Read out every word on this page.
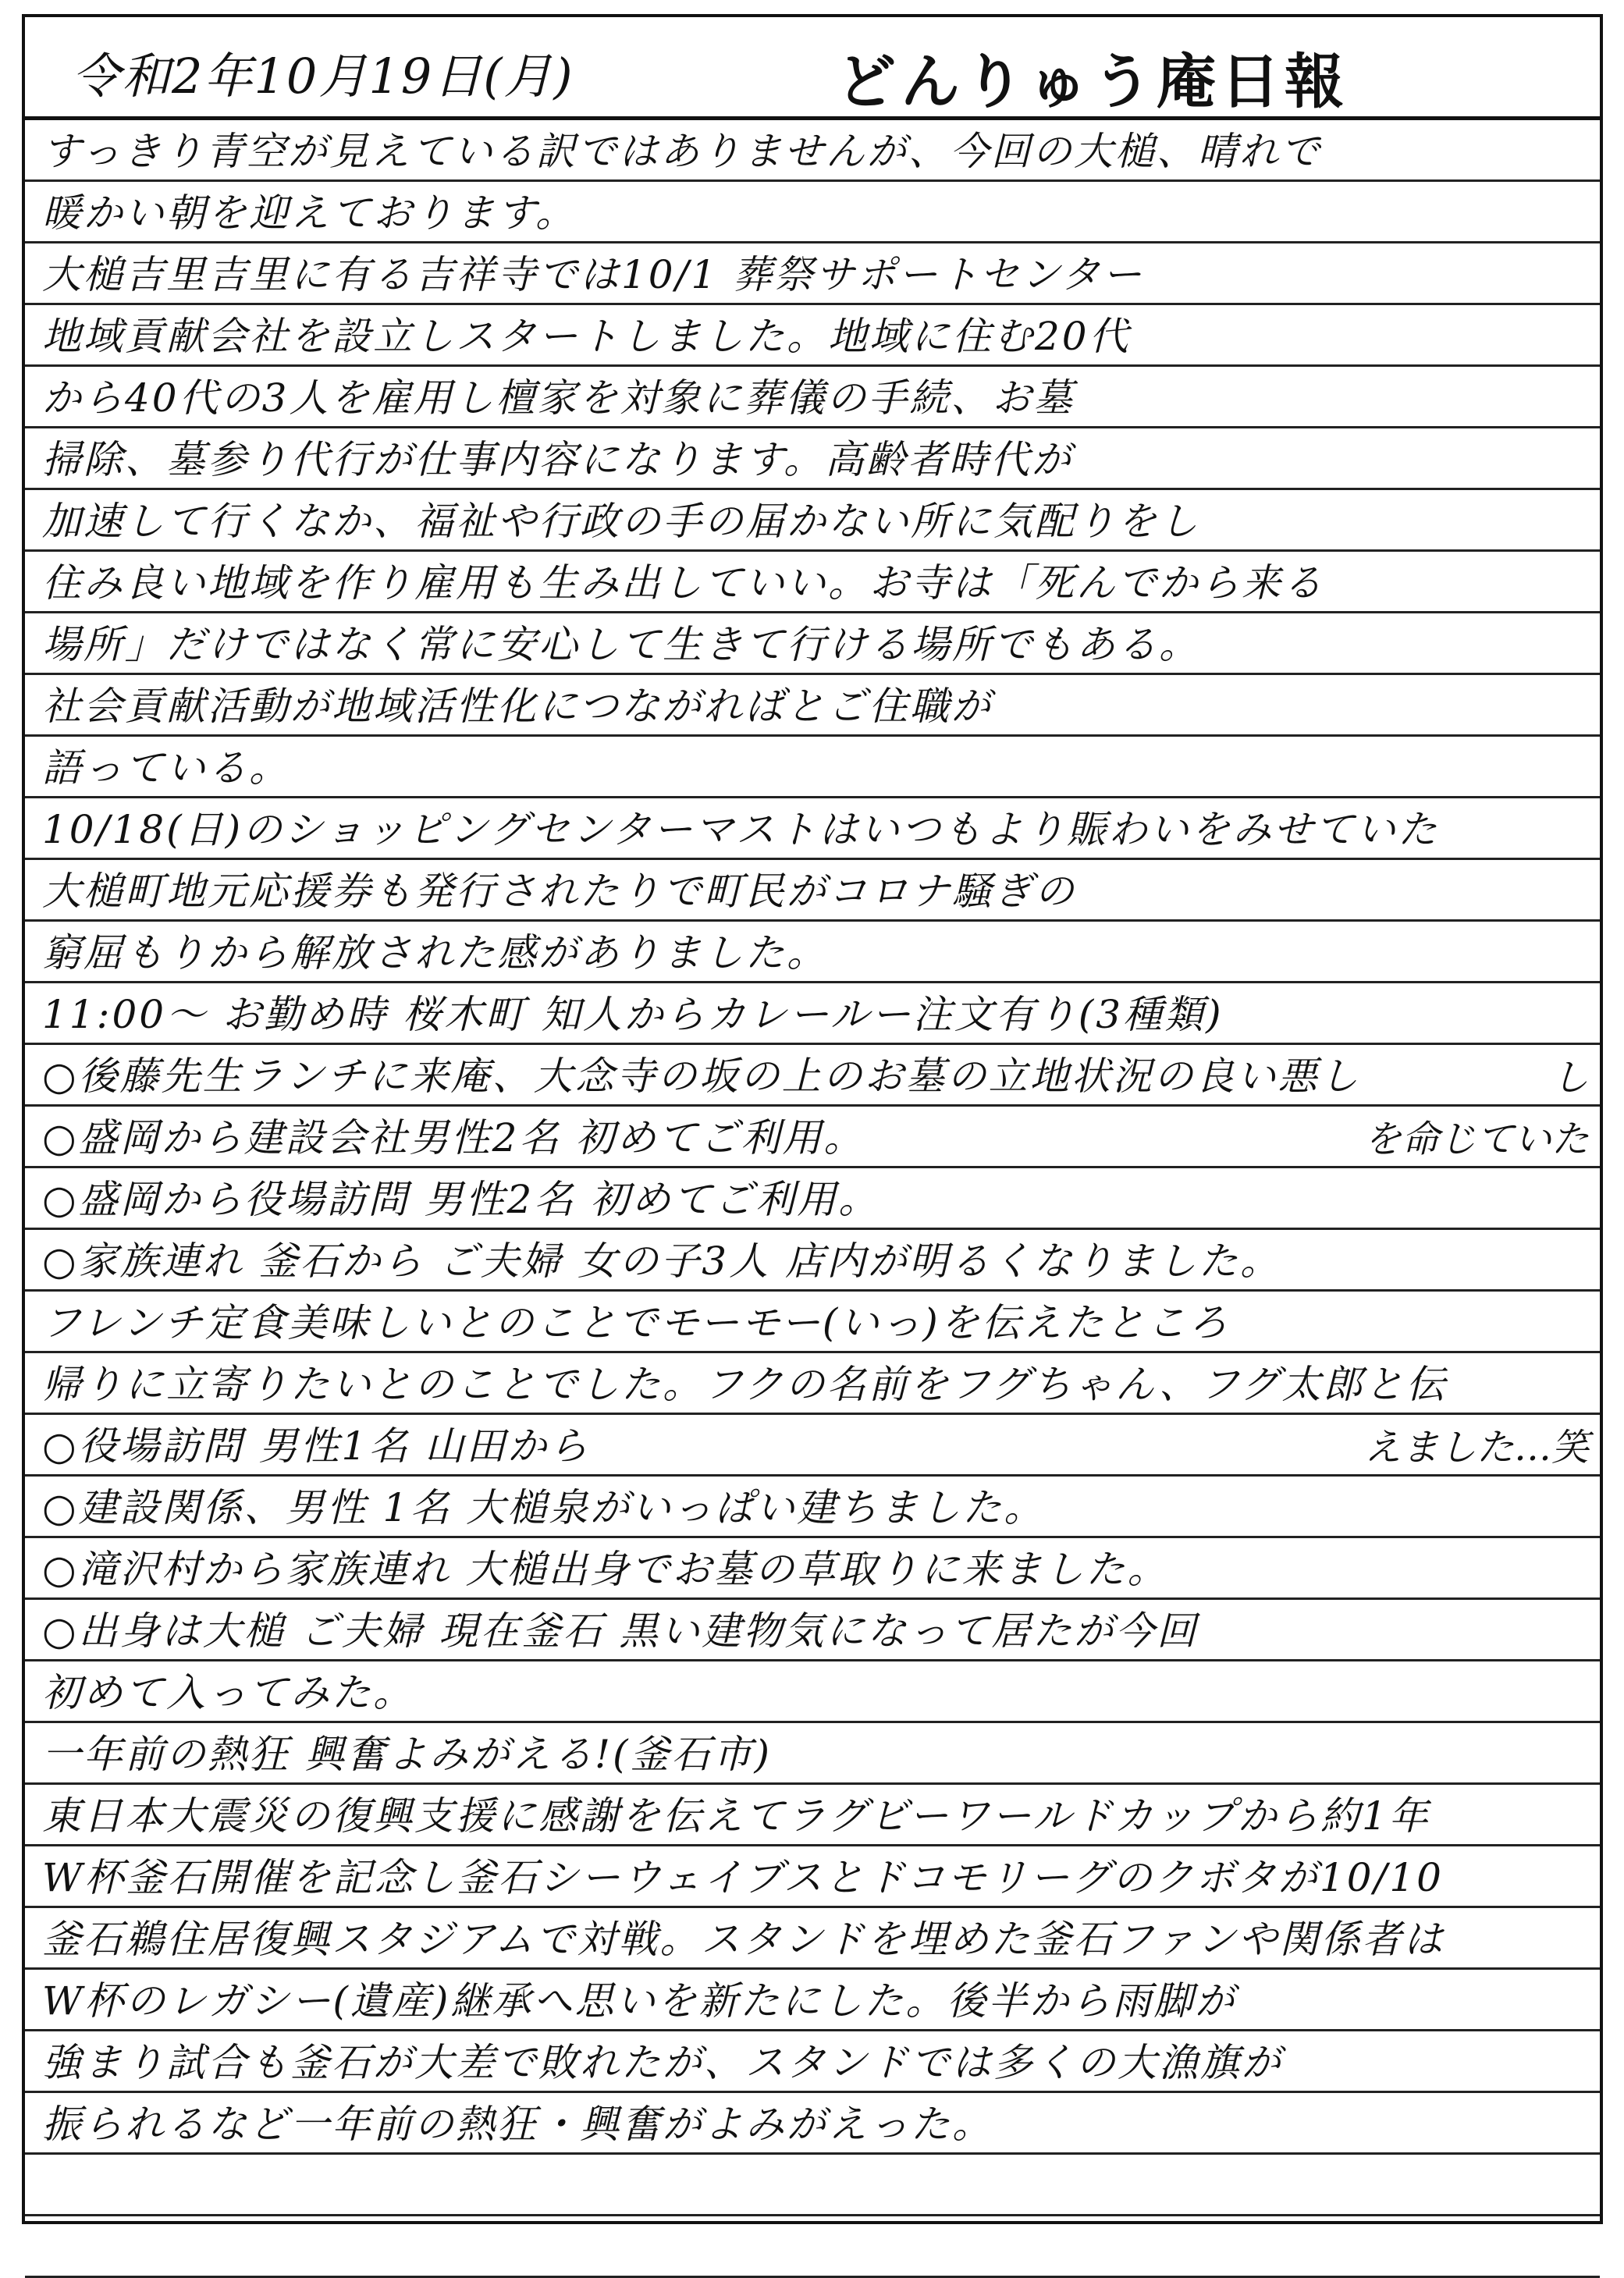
令和2年10月19日(月)	どんりゅう庵日報
すっきり青空が見えている訳ではありませんが、今回の大槌、晴れで
暖かい朝を迎えております。
大槌吉里吉里に有る吉祥寺では10/1 葬祭サポートセンター
地域貢献会社を設立しスタートしました。地域に住む20代
から40代の3人を雇用し檀家を対象に葬儀の手続、お墓
掃除、墓参り代行が仕事内容になります。高齢者時代が
加速して行くなか、福祉や行政の手の届かない所に気配りをし
住み良い地域を作り雇用も生み出していい。お寺は「死んでから来る
場所」だけではなく常に安心して生きて行ける場所でもある。
社会貢献活動が地域活性化につながればとご住職が
語っている。
10/18(日)のショッピングセンターマストはいつもより賑わいをみせていた
大槌町地元応援券も発行されたりで町民がコロナ騒ぎの
窮屈もりから解放された感がありました。
11:00〜 お勤め時 桜木町 知人からカレールー注文有り(3種類)
○後藤先生ランチに来庵、大念寺の坂の上のお墓の立地状況の良い悪し	し
○盛岡から建設会社男性2名 初めてご利用。	を命じていた
○盛岡から役場訪問 男性2名 初めてご利用。
○家族連れ 釜石から ご夫婦 女の子3人 店内が明るくなりました。
フレンチ定食美味しいとのことでモーモー(いっ)を伝えたところ
帰りに立寄りたいとのことでした。フクの名前をフグちゃん、フグ太郎と伝
○役場訪問 男性1名 山田から	えました…笑
○建設関係、男性 1名 大槌泉がいっぱい建ちました。
○滝沢村から家族連れ 大槌出身でお墓の草取りに来ました。
○出身は大槌 ご夫婦 現在釜石 黒い建物気になって居たが今回
初めて入ってみた。
一年前の熱狂 興奮よみがえる!(釜石市)
東日本大震災の復興支援に感謝を伝えてラグビーワールドカップから約1年
W杯釜石開催を記念し釜石シーウェイブスとドコモリーグのクボタが10/10
釜石鵜住居復興スタジアムで対戦。スタンドを埋めた釜石ファンや関係者は
W杯のレガシー(遺産)継承へ思いを新たにした。後半から雨脚が
強まり試合も釜石が大差で敗れたが、スタンドでは多くの大漁旗が
振られるなど一年前の熱狂・興奮がよみがえった。
